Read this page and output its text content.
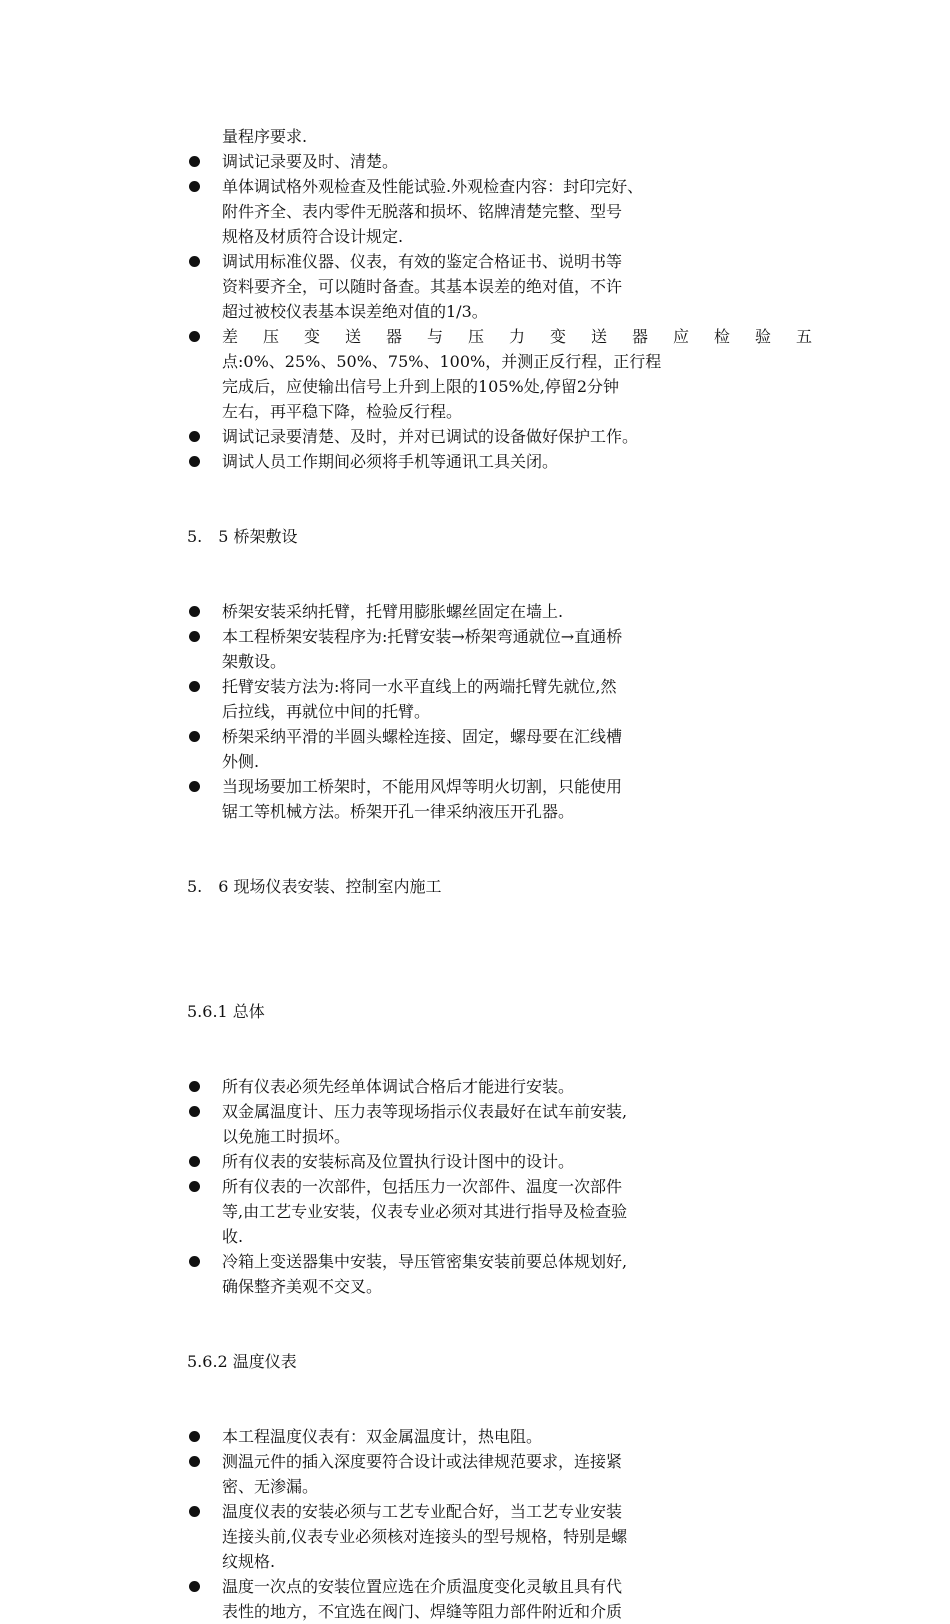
量程序要求.
调试记录要及时、清楚。
单体调试格外观检查及性能试验.外观检查内容：封印完好、
附件齐全、表内零件无脱落和损坏、铭牌清楚完整、型号
规格及材质符合设计规定.
调试用标准仪器、仪表，有效的鉴定合格证书、说明书等
资料要齐全，可以随时备查。其基本误差的绝对值，不许
超过被校仪表基本误差绝对值的1/3。
差 压 变 送 器 与 压 力 变 送 器 应 检 验 五
点:0%、25%、50%、75%、100%，并测正反行程，正行程
完成后，应使输出信号上升到上限的105%处,停留2分钟
左右，再平稳下降，检验反行程。
调试记录要清楚、及时，并对已调试的设备做好保护工作。
调试人员工作期间必须将手机等通讯工具关闭。

5.　5 桥架敷设

桥架安装采纳托臂，托臂用膨胀螺丝固定在墙上.
本工程桥架安装程序为:托臂安装→桥架弯通就位→直通桥
架敷设。
托臂安装方法为:将同一水平直线上的两端托臂先就位,然
后拉线，再就位中间的托臂。
桥架采纳平滑的半圆头螺栓连接、固定，螺母要在汇线槽
外侧.
当现场要加工桥架时，不能用风焊等明火切割，只能使用
锯工等机械方法。桥架开孔一律采纳液压开孔器。

5.　6 现场仪表安装、控制室内施工

5.6.1 总体

所有仪表必须先经单体调试合格后才能进行安装。
双金属温度计、压力表等现场指示仪表最好在试车前安装,
以免施工时损坏。
所有仪表的安装标高及位置执行设计图中的设计。
所有仪表的一次部件，包括压力一次部件、温度一次部件
等,由工艺专业安装，仪表专业必须对其进行指导及检查验
收.
冷箱上变送器集中安装，导压管密集安装前要总体规划好,
确保整齐美观不交叉。

5.6.2 温度仪表

本工程温度仪表有：双金属温度计，热电阻。
测温元件的插入深度要符合设计或法律规范要求，连接紧
密、无渗漏。
温度仪表的安装必须与工艺专业配合好，当工艺专业安装
连接头前,仪表专业必须核对连接头的型号规格，特别是螺
纹规格.
温度一次点的安装位置应选在介质温度变化灵敏且具有代
表性的地方，不宜选在阀门、焊缝等阻力部件附近和介质
